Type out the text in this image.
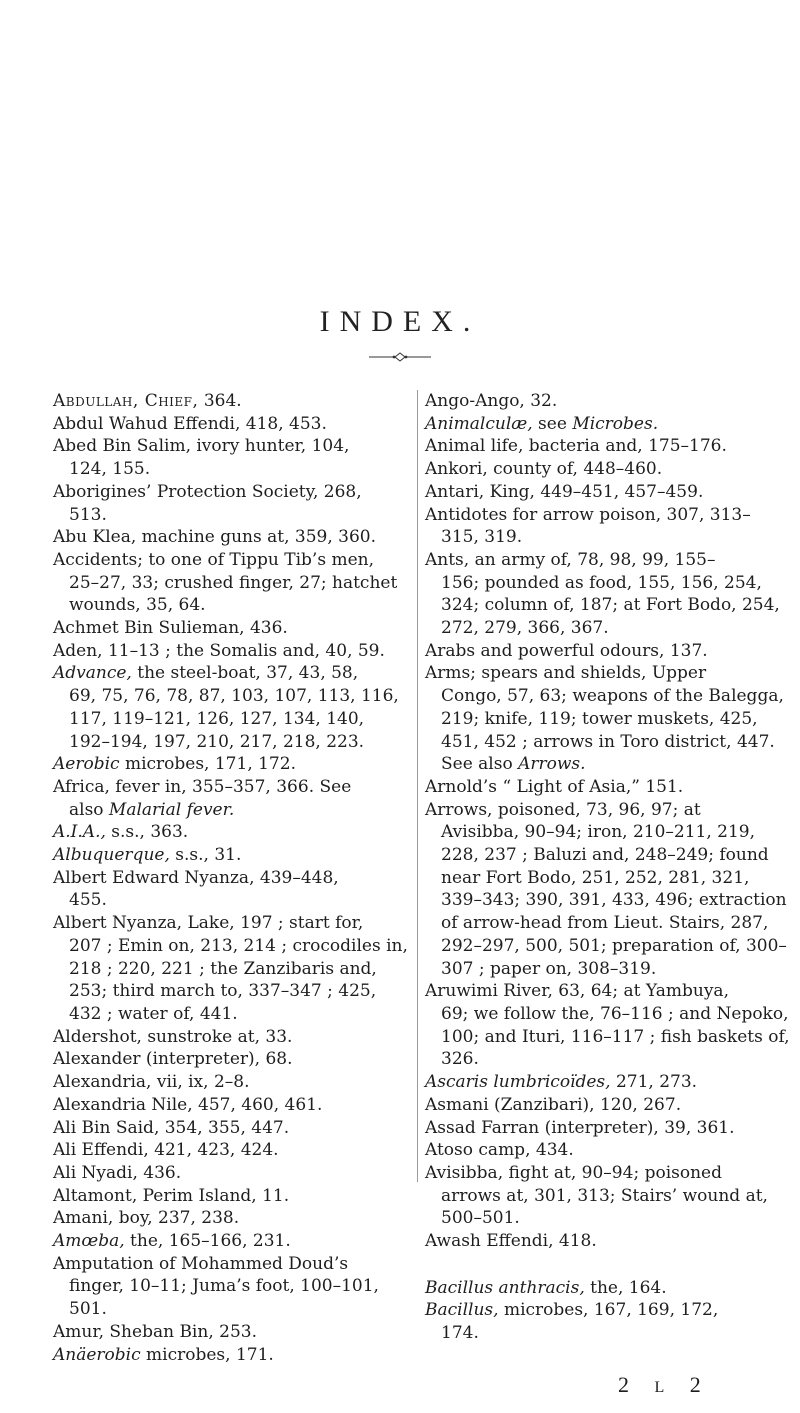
INDEX.
Abdullah, Chief, 364.
Abdul Wahud Effendi, 418, 453.
Abed Bin Salim, ivory hunter, 104,
124, 155.
Aborigines’ Protection Society, 268,
513.
Abu Klea, machine guns at, 359, 360.
Accidents; to one of Tippu Tib’s men,
25–27, 33; crushed finger, 27; hatchet wounds, 35, 64.
Achmet Bin Sulieman, 436.
Aden, 11–13 ; the Somalis and, 40, 59.
Advance, the steel-boat, 37, 43, 58,
69, 75, 76, 78, 87, 103, 107, 113, 116, 117, 119–121, 126, 127, 134, 140, 192–194, 197, 210, 217, 218, 223.
Aerobic microbes, 171, 172.
Africa, fever in, 355–357, 366. See
also Malarial fever.
A.I.A., s.s., 363.
Albuquerque, s.s., 31.
Albert Edward Nyanza, 439–448,
455.
Albert Nyanza, Lake, 197 ; start for,
207 ; Emin on, 213, 214 ; crocodiles in, 218 ; 220, 221 ; the Zanzibaris and, 253; third march to, 337–347 ; 425, 432 ; water of, 441.
Aldershot, sunstroke at, 33.
Alexander (interpreter), 68.
Alexandria, vii, ix, 2–8.
Alexandria Nile, 457, 460, 461.
Ali Bin Said, 354, 355, 447.
Ali Effendi, 421, 423, 424.
Ali Nyadi, 436.
Altamont, Perim Island, 11.
Amani, boy, 237, 238.
Amœba, the, 165–166, 231.
Amputation of Mohammed Doud’s
finger, 10–11; Juma’s foot, 100–101, 501.
Amur, Sheban Bin, 253.
Anäerobic microbes, 171.
Ango-Ango, 32.
Animalculæ, see Microbes.
Animal life, bacteria and, 175–176.
Ankori, county of, 448–460.
Antari, King, 449–451, 457–459.
Antidotes for arrow poison, 307, 313–
315, 319.
Ants, an army of, 78, 98, 99, 155–
156; pounded as food, 155, 156, 254, 324; column of, 187; at Fort Bodo, 254, 272, 279, 366, 367.
Arabs and powerful odours, 137.
Arms; spears and shields, Upper
Congo, 57, 63; weapons of the Balegga, 219; knife, 119; tower muskets, 425, 451, 452 ; arrows in Toro district, 447. See also Arrows.
Arnold’s “ Light of Asia,” 151.
Arrows, poisoned, 73, 96, 97; at
Avisibba, 90–94; iron, 210–211, 219, 228, 237 ; Baluzi and, 248–249; found near Fort Bodo, 251, 252, 281, 321, 339–343; 390, 391, 433, 496; extraction of arrow-head from Lieut. Stairs, 287, 292–297, 500, 501; preparation of, 300–307 ; paper on, 308–319.
Aruwimi River, 63, 64; at Yambuya,
69; we follow the, 76–116 ; and Nepoko, 100; and Ituri, 116–117 ; fish baskets of, 326.
Ascaris lumbricoïdes, 271, 273.
Asmani (Zanzibari), 120, 267.
Assad Farran (interpreter), 39, 361.
Atoso camp, 434.
Avisibba, fight at, 90–94; poisoned
arrows at, 301, 313; Stairs’ wound at, 500–501.
Awash Effendi, 418.
Bacillus anthracis, the, 164.
Bacillus, microbes, 167, 169, 172,
174.
2 L 2
